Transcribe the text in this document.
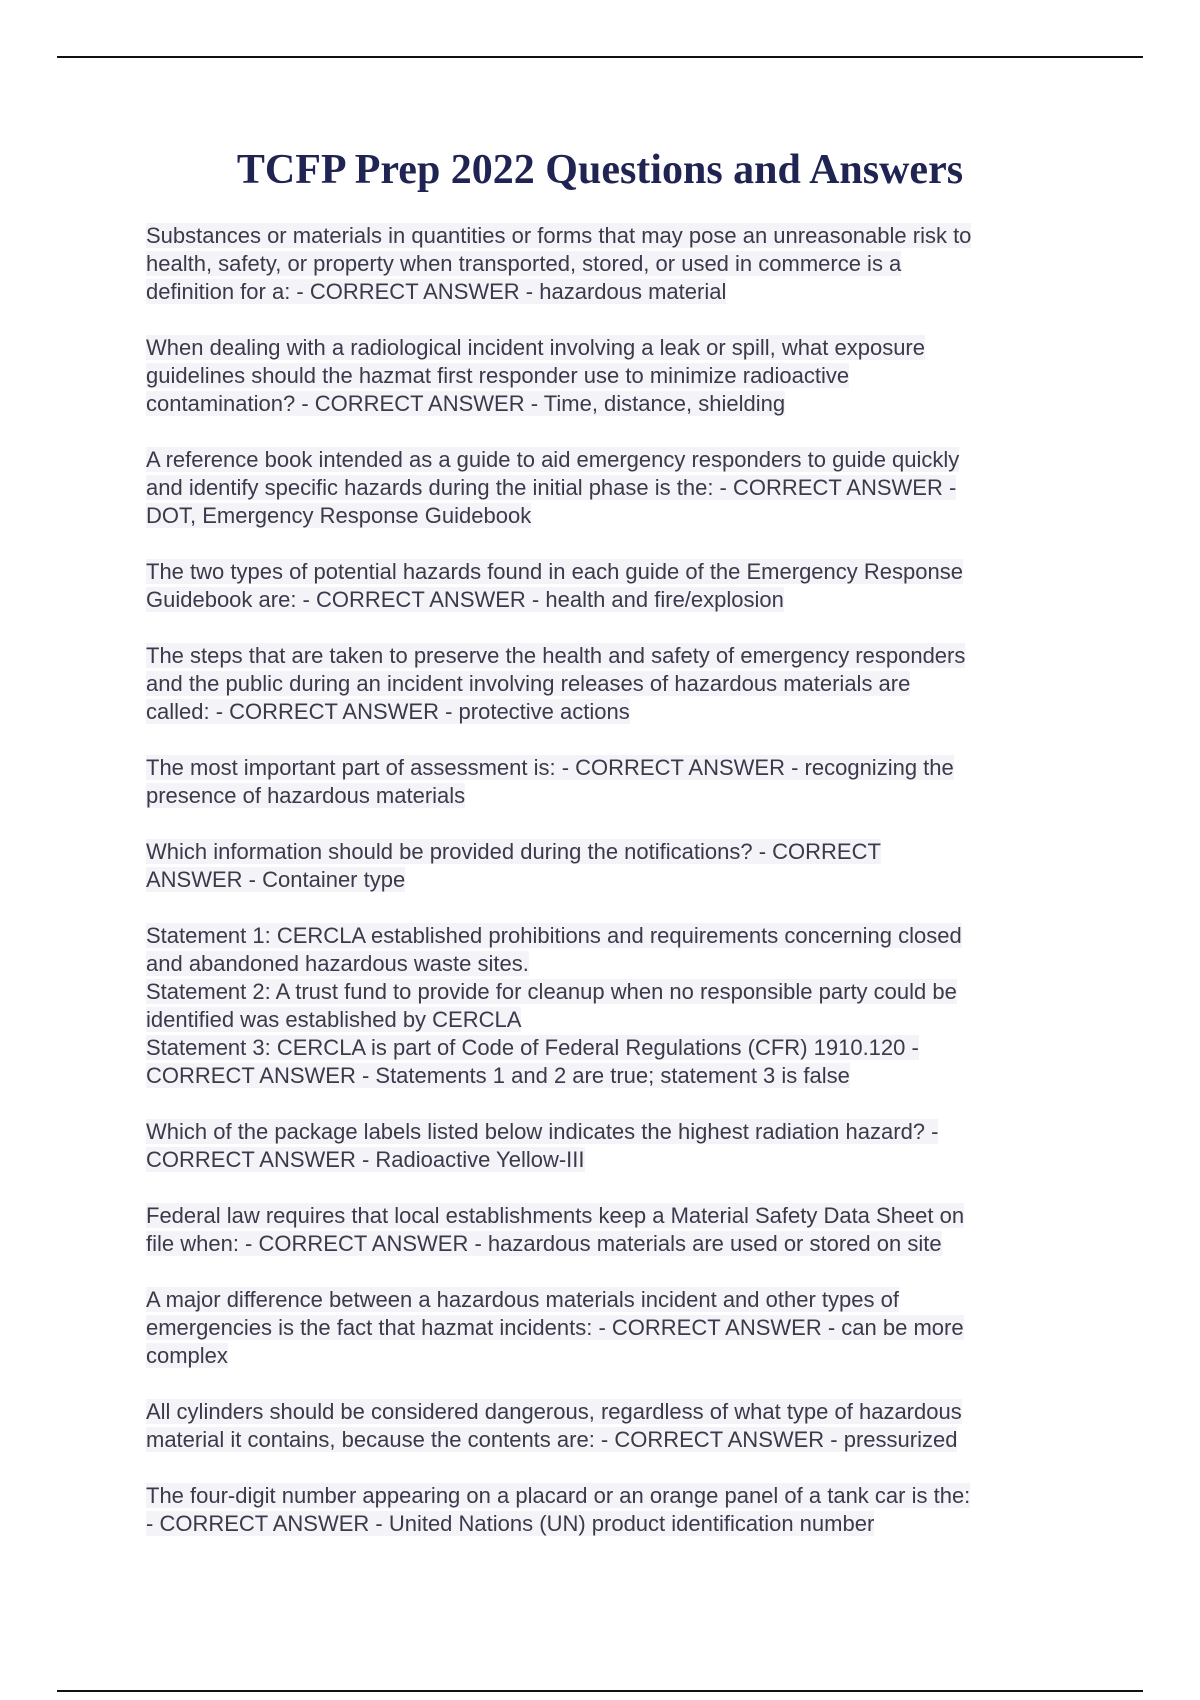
TCFP Prep 2022 Questions and Answers
Substances or materials in quantities or forms that may pose an unreasonable risk to
health, safety, or property when transported, stored, or used in commerce is a
definition for a: - CORRECT ANSWER - hazardous material
When dealing with a radiological incident involving a leak or spill, what exposure
guidelines should the hazmat first responder use to minimize radioactive
contamination? - CORRECT ANSWER - Time, distance, shielding
A reference book intended as a guide to aid emergency responders to guide quickly
and identify specific hazards during the initial phase is the: - CORRECT ANSWER -
DOT, Emergency Response Guidebook
The two types of potential hazards found in each guide of the Emergency Response
Guidebook are: - CORRECT ANSWER - health and fire/explosion
The steps that are taken to preserve the health and safety of emergency responders
and the public during an incident involving releases of hazardous materials are
called: - CORRECT ANSWER - protective actions
The most important part of assessment is: - CORRECT ANSWER - recognizing the
presence of hazardous materials
Which information should be provided during the notifications? - CORRECT
ANSWER - Container type
Statement 1: CERCLA established prohibitions and requirements concerning closed
and abandoned hazardous waste sites.
Statement 2: A trust fund to provide for cleanup when no responsible party could be
identified was established by CERCLA
Statement 3: CERCLA is part of Code of Federal Regulations (CFR) 1910.120 -
CORRECT ANSWER - Statements 1 and 2 are true; statement 3 is false
Which of the package labels listed below indicates the highest radiation hazard? -
CORRECT ANSWER - Radioactive Yellow-III
Federal law requires that local establishments keep a Material Safety Data Sheet on
file when: - CORRECT ANSWER - hazardous materials are used or stored on site
A major difference between a hazardous materials incident and other types of
emergencies is the fact that hazmat incidents: - CORRECT ANSWER - can be more
complex
All cylinders should be considered dangerous, regardless of what type of hazardous
material it contains, because the contents are: - CORRECT ANSWER - pressurized
The four-digit number appearing on a placard or an orange panel of a tank car is the:
- CORRECT ANSWER - United Nations (UN) product identification number
